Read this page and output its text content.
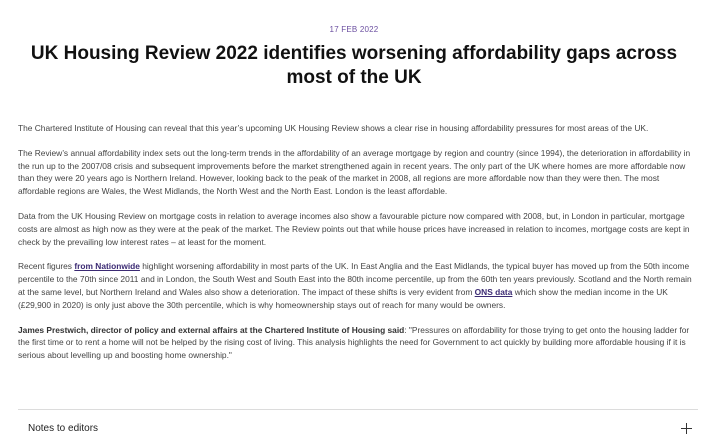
17 FEB 2022
UK Housing Review 2022 identifies worsening affordability gaps across most of the UK

The Chartered Institute of Housing can reveal that this year’s upcoming UK Housing Review shows a clear rise in housing affordability pressures for most areas of the UK.

The Review’s annual affordability index sets out the long-term trends in the affordability of an average mortgage by region and country (since 1994), the deterioration in affordability in the run up to the 2007/08 crisis and subsequent improvements before the market strengthened again in recent years. The only part of the UK where homes are more affordable now than they were 20 years ago is Northern Ireland. However, looking back to the peak of the market in 2008, all regions are more affordable now than they were then. The most affordable regions are Wales, the West Midlands, the North West and the North East. London is the least affordable.

Data from the UK Housing Review on mortgage costs in relation to average incomes also show a favourable picture now compared with 2008, but, in London in particular, mortgage costs are almost as high now as they were at the peak of the market. The Review points out that while house prices have increased in relation to incomes, mortgage costs are kept in check by the prevailing low interest rates – at least for the moment.

Recent figures from Nationwide highlight worsening affordability in most parts of the UK. In East Anglia and the East Midlands, the typical buyer has moved up from the 50th income percentile to the 70th since 2011 and in London, the South West and South East into the 80th income percentile, up from the 60th ten years previously. Scotland and the North remain at the same level, but Northern Ireland and Wales also show a deterioration. The impact of these shifts is very evident from ONS data which show the median income in the UK (£29,900 in 2020) is only just above the 30th percentile, which is why homeownership stays out of reach for many would be owners.

James Prestwich, director of policy and external affairs at the Chartered Institute of Housing said: "Pressures on affordability for those trying to get onto the housing ladder for the first time or to rent a home will not be helped by the rising cost of living. This analysis highlights the need for Government to act quickly by building more affordable housing if it is serious about levelling up and boosting home ownership."

Notes to editors
